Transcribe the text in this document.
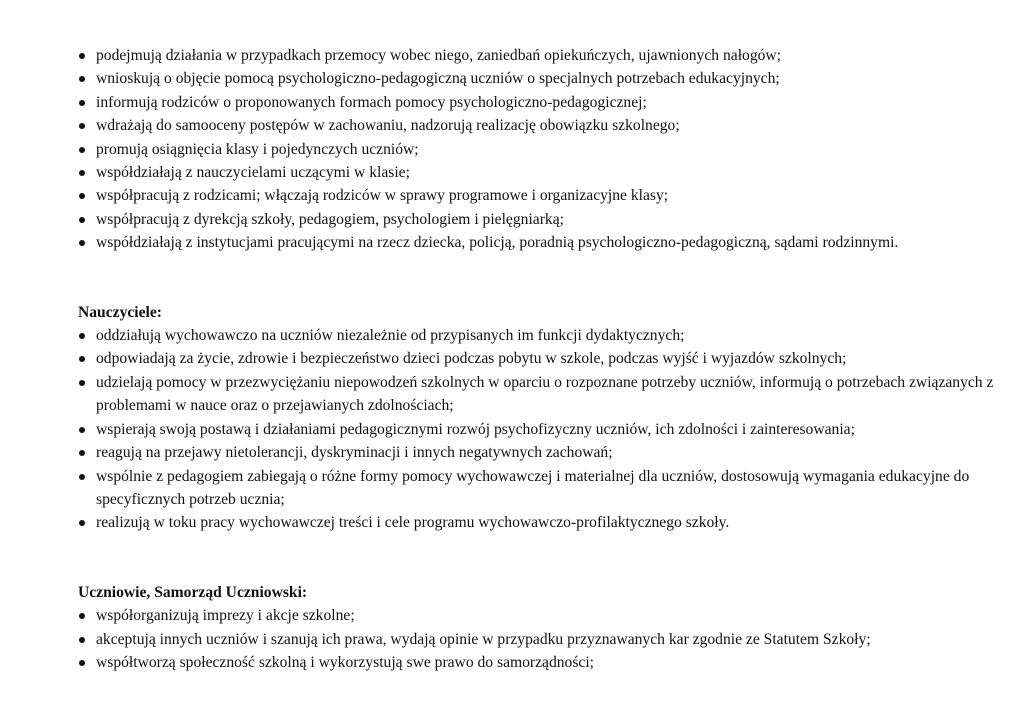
podejmują działania w przypadkach przemocy wobec niego, zaniedbań opiekuńczych, ujawnionych nałogów;
wnioskują o objęcie pomocą psychologiczno-pedagogiczną uczniów o specjalnych potrzebach edukacyjnych;
informują rodziców o proponowanych formach pomocy psychologiczno-pedagogicznej;
wdrażają do samooceny postępów w zachowaniu, nadzorują realizację obowiązku szkolnego;
promują osiągnięcia klasy i pojedynczych uczniów;
współdziałają z nauczycielami uczącymi w klasie;
współpracują z rodzicami; włączają rodziców w sprawy programowe i organizacyjne klasy;
współpracują z dyrekcją szkoły, pedagogiem, psychologiem i pielęgniarką;
współdziałają z instytucjami pracującymi na rzecz dziecka, policją, poradnią psychologiczno-pedagogiczną, sądami rodzinnymi.
Nauczyciele:
oddziałują wychowawczo na uczniów niezależnie od przypisanych im funkcji dydaktycznych;
odpowiadają za życie, zdrowie i bezpieczeństwo dzieci podczas pobytu w szkole, podczas wyjść i wyjazdów szkolnych;
udzielają pomocy w przezwyciężaniu niepowodzeń szkolnych w oparciu o rozpoznane potrzeby uczniów, informują o potrzebach związanych z problemami w nauce oraz o przejawianych zdolnościach;
wspierają swoją postawą i działaniami pedagogicznymi rozwój psychofizyczny uczniów, ich zdolności i zainteresowania;
reagują na przejawy nietolerancji, dyskryminacji i innych negatywnych zachowań;
wspólnie z pedagogiem zabiegają o różne formy pomocy wychowawczej i materialnej dla uczniów, dostosowują wymagania edukacyjne do specyficznych potrzeb ucznia;
realizują w toku pracy wychowawczej treści i cele programu wychowawczo-profilaktycznego szkoły.
Uczniowie, Samorząd Uczniowski:
współorganizują imprezy i akcje szkolne;
akceptują innych uczniów i szanują ich prawa, wydają opinie w przypadku przyznawanych kar zgodnie ze Statutem Szkoły;
współtworzą społeczność szkolną i wykorzystują swe prawo do samorządności;
